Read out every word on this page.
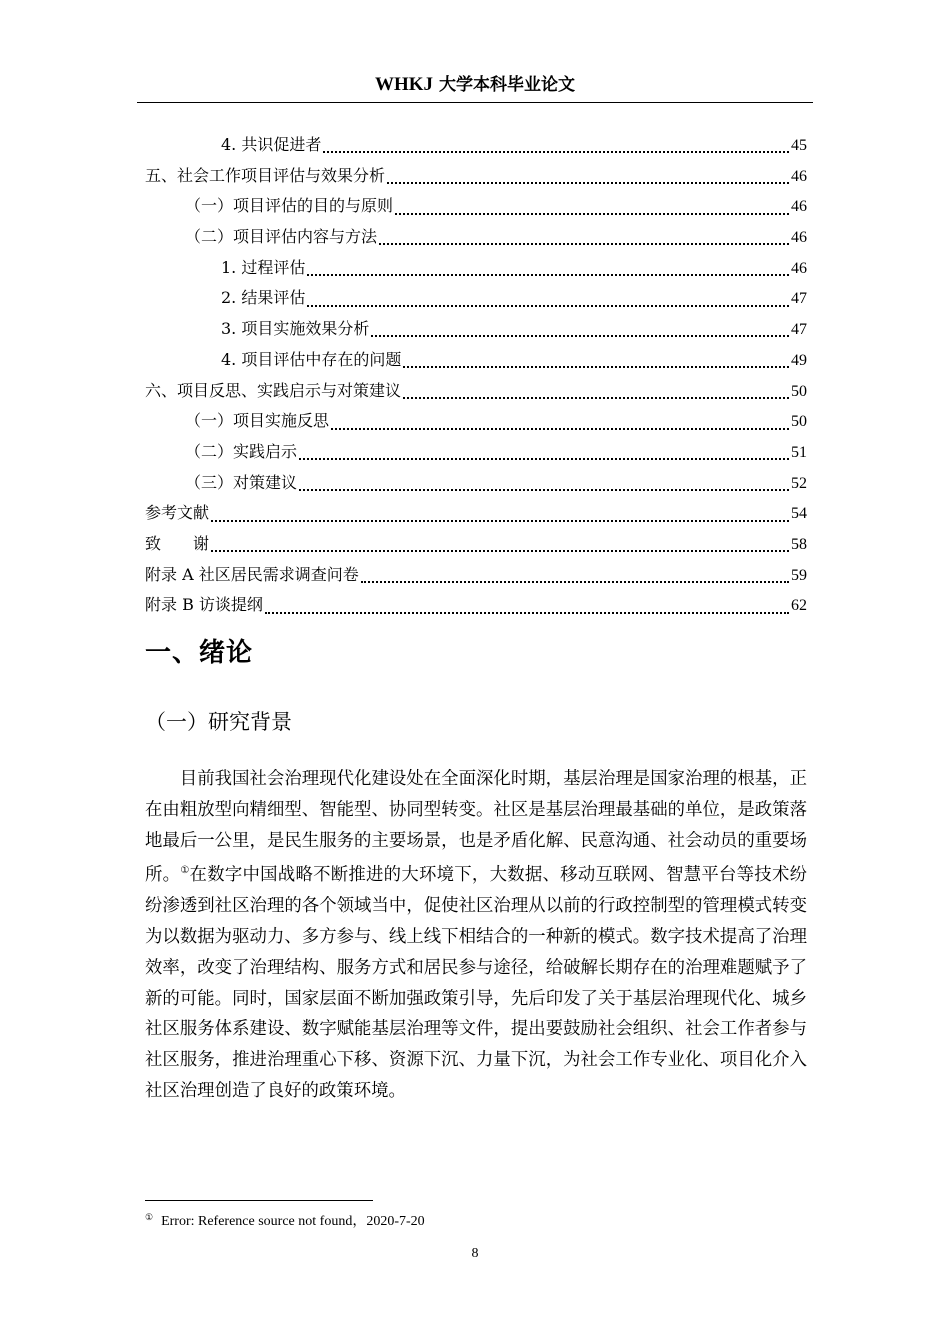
WHKJ 大学本科毕业论文
4. 共识促进者	45
五、社会工作项目评估与效果分析	46
（一）项目评估的目的与原则	46
（二）项目评估内容与方法	46
1. 过程评估	46
2. 结果评估	47
3. 项目实施效果分析	47
4. 项目评估中存在的问题	49
六、项目反思、实践启示与对策建议	50
（一）项目实施反思	50
（二）实践启示	51
（三）对策建议	52
参考文献	54
致　　谢	58
附录 A 社区居民需求调查问卷	59
附录 B 访谈提纲	62
一、绪论
（一）研究背景
目前我国社会治理现代化建设处在全面深化时期，基层治理是国家治理的根基，正在由粗放型向精细型、智能型、协同型转变。社区是基层治理最基础的单位，是政策落地最后一公里，是民生服务的主要场景，也是矛盾化解、民意沟通、社会动员的重要场所。①在数字中国战略不断推进的大环境下，大数据、移动互联网、智慧平台等技术纷纷渗透到社区治理的各个领域当中，促使社区治理从以前的行政控制型的管理模式转变为以数据为驱动力、多方参与、线上线下相结合的一种新的模式。数字技术提高了治理效率，改变了治理结构、服务方式和居民参与途径，给破解长期存在的治理难题赋予了新的可能。同时，国家层面不断加强政策引导，先后印发了关于基层治理现代化、城乡社区服务体系建设、数字赋能基层治理等文件，提出要鼓励社会组织、社会工作者参与社区服务，推进治理重心下移、资源下沉、力量下沉，为社会工作专业化、项目化介入社区治理创造了良好的政策环境。
① Error: Reference source not found，2020-7-20
8
